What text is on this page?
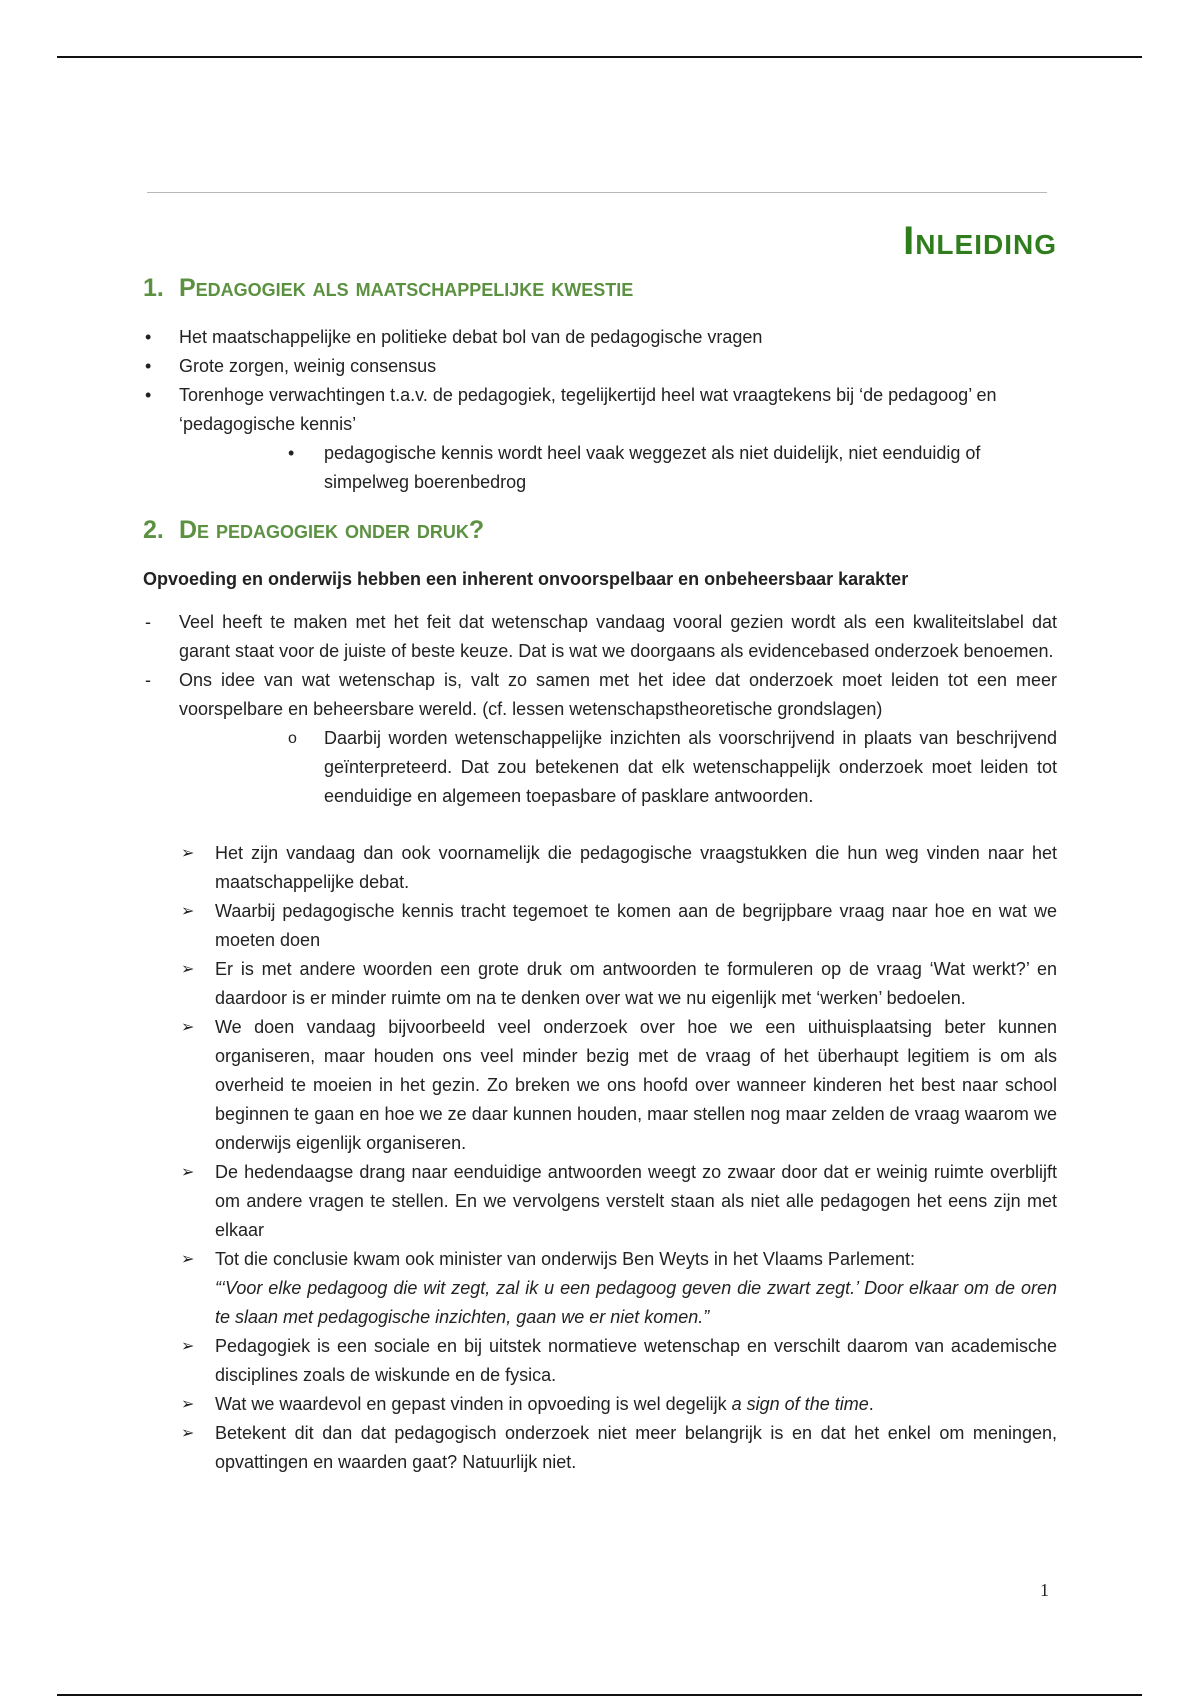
Inleiding
1. Pedagogiek als maatschappelijke kwestie
• Het maatschappelijke en politieke debat bol van de pedagogische vragen
• Grote zorgen, weinig consensus
• Torenhoge verwachtingen t.a.v. de pedagogiek, tegelijkertijd heel wat vraagtekens bij ‘de pedagoog’ en ‘pedagogische kennis’
• pedagogische kennis wordt heel vaak weggezet als niet duidelijk, niet eenduidig of simpelweg boerenbedrog
2. De pedagogiek onder druk?

Opvoeding en onderwijs hebben een inherent onvoorspelbaar en onbeheersbaar karakter

- Veel heeft te maken met het feit dat wetenschap vandaag vooral gezien wordt als een kwaliteitslabel dat garant staat voor de juiste of beste keuze. Dat is wat we doorgaans als evidencebased onderzoek benoemen.
- Ons idee van wat wetenschap is, valt zo samen met het idee dat onderzoek moet leiden tot een meer voorspelbare en beheersbare wereld. (cf. lessen wetenschapstheoretische grondslagen)
o Daarbij worden wetenschappelijke inzichten als voorschrijvend in plaats van beschrijvend geïnterpreteerd. Dat zou betekenen dat elk wetenschappelijk onderzoek moet leiden tot eenduidige en algemeen toepasbare of pasklare antwoorden.
➢ Het zijn vandaag dan ook voornamelijk die pedagogische vraagstukken die hun weg vinden naar het maatschappelijke debat.
➢ Waarbij pedagogische kennis tracht tegemoet te komen aan de begrijpbare vraag naar hoe en wat we moeten doen
➢ Er is met andere woorden een grote druk om antwoorden te formuleren op de vraag ‘Wat werkt?’ en daardoor is er minder ruimte om na te denken over wat we nu eigenlijk met ‘werken’ bedoelen.
➢ We doen vandaag bijvoorbeeld veel onderzoek over hoe we een uithuisplaatsing beter kunnen organiseren, maar houden ons veel minder bezig met de vraag of het überhaupt legitiem is om als overheid te moeien in het gezin. Zo breken we ons hoofd over wanneer kinderen het best naar school beginnen te gaan en hoe we ze daar kunnen houden, maar stellen nog maar zelden de vraag waarom we onderwijs eigenlijk organiseren.
➢ De hedendaagse drang naar eenduidige antwoorden weegt zo zwaar door dat er weinig ruimte overblijft om andere vragen te stellen. En we vervolgens verstelt staan als niet alle pedagogen het eens zijn met elkaar
➢ Tot die conclusie kwam ook minister van onderwijs Ben Weyts in het Vlaams Parlement:
“‘Voor elke pedagoog die wit zegt, zal ik u een pedagoog geven die zwart zegt.’ Door elkaar om de oren te slaan met pedagogische inzichten, gaan we er niet komen.”
➢ Pedagogiek is een sociale en bij uitstek normatieve wetenschap en verschilt daarom van academische disciplines zoals de wiskunde en de fysica.
➢ Wat we waardevol en gepast vinden in opvoeding is wel degelijk a sign of the time.
➢ Betekent dit dan dat pedagogisch onderzoek niet meer belangrijk is en dat het enkel om meningen, opvattingen en waarden gaat? Natuurlijk niet.
1
